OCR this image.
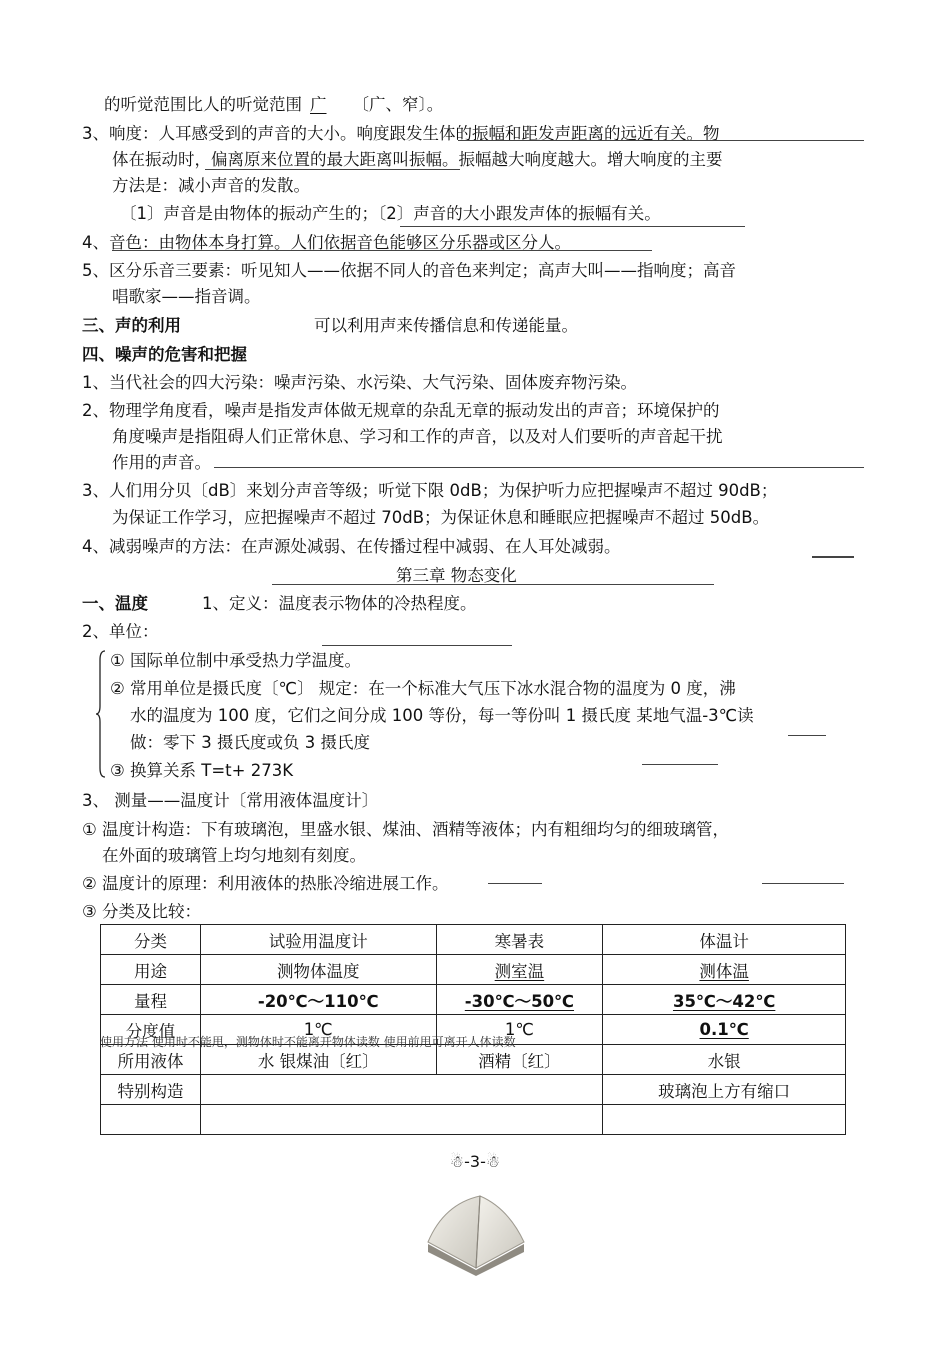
的听觉范围比人的听觉范围 广 〔广、窄〕。
3、响度：人耳感受到的声音的大小。响度跟发生体的振幅和距发声距离的远近有关。物
体在振动时，偏离原来位置的最大距离叫振幅。振幅越大响度越大。增大响度的主要
方法是：减小声音的发散。
〔1〕声音是由物体的振动产生的；〔2〕声音的大小跟发声体的振幅有关。
4、音色：由物体本身打算。人们依据音色能够区分乐器或区分人。
5、区分乐音三要素：听见知人——依据不同人的音色来判定；高声大叫——指响度；高音
唱歌家——指音调。
三、声的利用	可以利用声来传播信息和传递能量。
四、噪声的危害和把握
1、当代社会的四大污染：噪声污染、水污染、大气污染、固体废弃物污染。
2、物理学角度看，噪声是指发声体做无规章的杂乱无章的振动发出的声音；环境保护的
角度噪声是指阻碍人们正常休息、学习和工作的声音，以及对人们要听的声音起干扰
作用的声音。
3、人们用分贝〔dB〕来划分声音等级；听觉下限 0dB；为保护听力应把握噪声不超过 90dB；
为保证工作学习，应把握噪声不超过 70dB；为保证休息和睡眠应把握噪声不超过 50dB。
4、减弱噪声的方法：在声源处减弱、在传播过程中减弱、在人耳处减弱。
第三章 物态变化
一、温度	1、定义：温度表示物体的冷热程度。
2、单位：
① 国际单位制中承受热力学温度。
② 常用单位是摄氏度〔℃〕 规定：在一个标准大气压下冰水混合物的温度为 0 度，沸
水的温度为 100 度，它们之间分成 100 等份，每一等份叫 1 摄氏度 某地气温-3℃读
做：零下 3 摄氏度或负 3 摄氏度
③ 换算关系 T=t+ 273K
3、 测量——温度计〔常用液体温度计〕
① 温度计构造：下有玻璃泡，里盛水银、煤油、酒精等液体；内有粗细均匀的细玻璃管，
在外面的玻璃管上均匀地刻有刻度。
② 温度计的原理：利用液体的热胀冷缩进展工作。
③ 分类及比较：
分类	试验用温度计	寒暑表	体温计
用途	测物体温度	测室温	测体温
量程	-20℃～110℃	-30℃～50℃	35℃～42℃
分度值	1℃	1℃	0.1℃
所用液体	水 银煤油〔红〕	酒精〔红〕	水银
特别构造			玻璃泡上方有缩口

使用方法 使用时不能甩，测物体时不能离开物体读数 使用前甩可离开人体读数
☃-3-☃
